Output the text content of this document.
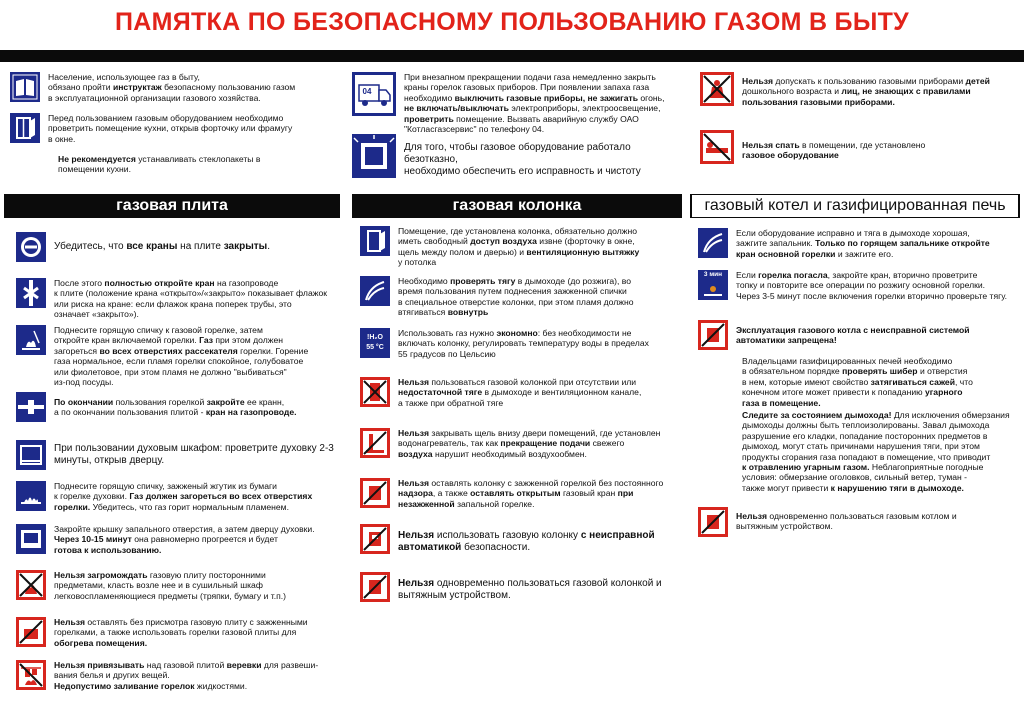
ПАМЯТКА ПО БЕЗОПАСНОМУ ПОЛЬЗОВАНИЮ ГАЗОМ В БЫТУ
Население, использующее газ в быту,
обязано пройти инструктаж безопасному пользованию газом
в эксплуатационной организации газового хозяйства.
Перед пользованием газовым оборудованием необходимо
проветрить помещение кухни, открыв форточку или фрамугу
в окне.
Не рекомендуется устанавливать стеклопакеты в
помещении кухни.
04
При внезапном прекращении подачи газа немедленно закрыть
краны горелок газовых приборов. При появлении запаха газа
необходимо выключить газовые приборы, не зажигать огонь,
не включать/выключать электроприборы, электроосвещение,
проветрить помещение. Вызвать аварийную службу ОАО
"Котласгазсервис" по телефону 04.
Для того, чтобы газовое оборудование работало безотказно,
необходимо обеспечить его исправность и чистоту
Нельзя допускать к пользованию газовыми приборами детей
дошкольного возраста и лиц, не знающих с правилами
пользования газовыми приборами.
Нельзя спать в помещении, где установлено
газовое оборудование
газовая плита	газовая колонка	газовый котел и газифицированная печь
Убедитесь, что все краны на плите закрыты.
После этого полностью откройте кран на газопроводе
к плите (положение крана «открыто»/«закрыто» показывает флажок
или риска на кране: если флажок крана поперек трубы, это
означает «закрыто»).
Поднесите горящую спичку к газовой горелке, затем
откройте кран включаемой горелки. Газ при этом должен
загореться во всех отверстиях рассекателя горелки. Горение
газа нормальное, если пламя горелки спокойное, голубоватое
или фиолетовое, при этом пламя не должно "выбиваться"
из-под посуды.
По окончании пользования горелкой закройте ее кранн,
а по окончании пользования плитой - кран на газопроводе.
При пользовании духовым шкафом: проветрите духовку 2-3
минуты, открыв дверцу.
Поднесите горящую спичку, зажженый жгутик из бумаги
к горелке духовки. Газ должен загореться во всех отверстиях
горелки. Убедитесь, что газ горит нормальным пламенем.
Закройте крышку запального отверстия, а затем дверцу духовки.
Через 10-15 минут она равномерно прогреется и будет
готова к использованию.
Нельзя загромождать газовую плиту посторонними
предметами, класть возле нее и в сушильный шкаф
легковоспламеняющиеся предметы (тряпки, бумагу и т.п.)
Нельзя оставлять без присмотра газовую плиту с зажженными
горелками, а также использовать горелки газовой плиты для
обогрева помещения.
Нельзя привязывать над газовой плитой веревки для развеши-
вания белья и других вещей.
Недопустимо заливание горелок жидкостями.
Помещение, где установлена колонка, обязательно должно
иметь свободный доступ воздуха извне (форточку в окне,
щель между полом и дверью) и вентиляционную вытяжку
у потолка
Необходимо проверять тягу в дымоходе (до розжига), во
время пользования путем поднесения зажженной спички
в специальное отверстие колонки, при этом пламя должно
втягиваться вовнутрь
!H₂O
55 °C
Использовать газ нужно экономно: без необходимости не
включать колонку, регулировать температуру воды в пределах
55 градусов по Цельсию
Нельзя пользоваться газовой колонкой при отсутствии или
недостаточной тяге в дымоходе и вентиляционном канале,
а также при обратной тяге
Нельзя закрывать щель внизу двери помещений, где установлен
водонагреватель, так как прекращение подачи свежего
воздуха нарушит необходимый воздухообмен.
Нельзя оставлять колонку с зажженной горелкой без постоянного
надзора, а также оставлять открытым газовый кран при
незажженной запальной горелке.
Нельзя использовать газовую колонку с неисправной
автоматикой безопасности.
Нельзя одновременно пользоваться газовой колонкой и
вытяжным устройством.
Если оборудование исправно и тяга в дымоходе хорошая,
зажгите запальник. Только по горящем запальнике откройте
кран основной горелки и зажгите его.
3 мин Если горелка погасла, закройте кран, вторично проветрите
топку и повторите все операции по розжигу основной горелки.
Через 3-5 минут после включения горелки вторично проверьте тягу.
Эксплуатация газового котла с неисправной системой
автоматики запрещена!
Владельцами газифицированных печей необходимо
в обязательном порядке проверять шибер и отверстия
в нем, которые имеют свойство затягиваться сажей, что
конечном итоге может привести к попаданию угарного
газа в помещение.
Следите за состоянием дымохода! Для исключения обмерзания
дымоходы должны быть теплоизолированы. Завал дымохода
разрушение его кладки, попадание посторонних предметов в
дымоход, могут стать причинами нарушения тяги, при этом
продукты сгорания газа попадают в помещение, что приводит
к отравлению угарным газом. Неблагоприятные погодные
условия: обмерзание оголовков, сильный ветер, туман -
также могут привести к нарушению тяги в дымоходе.
Нельзя одновременно пользоваться газовым котлом и
вытяжным устройством.
